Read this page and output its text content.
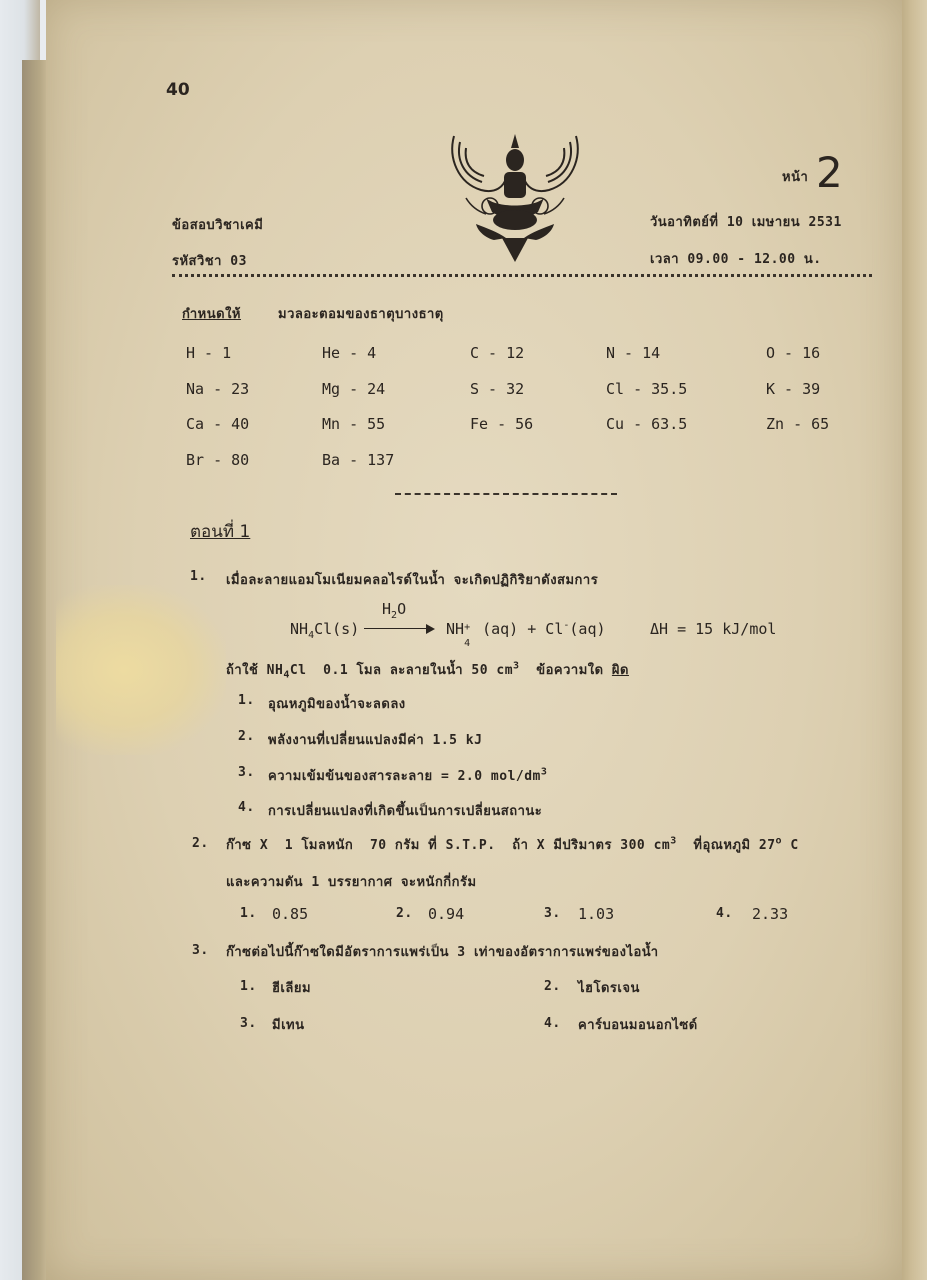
40
ข้อสอบวิชาเคมี
รหัสวิชา 03
หน้า 2
วันอาทิตย์ที่ 10 เมษายน 2531
เวลา 09.00 - 12.00 น.
กำหนดให้	มวลอะตอมของธาตุบางธาตุ
H - 1	He - 4	C - 12	N - 14	O - 16
Na - 23	Mg - 24	S - 32	Cl - 35.5	K - 39
Ca - 40	Mn - 55	Fe - 56	Cu - 63.5	Zn - 65
Br - 80	Ba - 137
ตอนที่ 1
1. เมื่อละลายแอมโมเนียมคลอไรด์ในน้ำ จะเกิดปฏิกิริยาดังสมการ
$NH_4Cl(s)$
$H_2O$
NH +
4
(aq) + Cl-(aq)	ΔH = 15 kJ/mol
ถ้าใช้ $NH_4Cl$  0.1 โมล ละลายในน้ำ 50 $cm^3$  ข้อความใด ผิด
1. อุณหภูมิของน้ำจะลดลง
2. พลังงานที่เปลี่ยนแปลงมีค่า 1.5 kJ
3. ความเข้มข้นของสารละลาย = 2.0 mol/$dm^3$
4. การเปลี่ยนแปลงที่เกิดขึ้นเป็นการเปลี่ยนสถานะ
2. ก๊าซ X  1 โมลหนัก  70 กรัม ที่ S.T.P.  ถ้า X มีปริมาตร 300 $cm^3$  ที่อุณหภูมิ 27$^o$ C
และความดัน 1 บรรยากาศ จะหนักกี่กรัม
1. 0.85	2. 0.94	3. 1.03	4. 2.33
3. ก๊าซต่อไปนี้ก๊าซใดมีอัตราการแพร่เป็น 3 เท่าของอัตราการแพร่ของไอน้ำ
1. ฮีเลียม	2. ไฮโดรเจน
3. มีเทน	4. คาร์บอนมอนอกไซด์
